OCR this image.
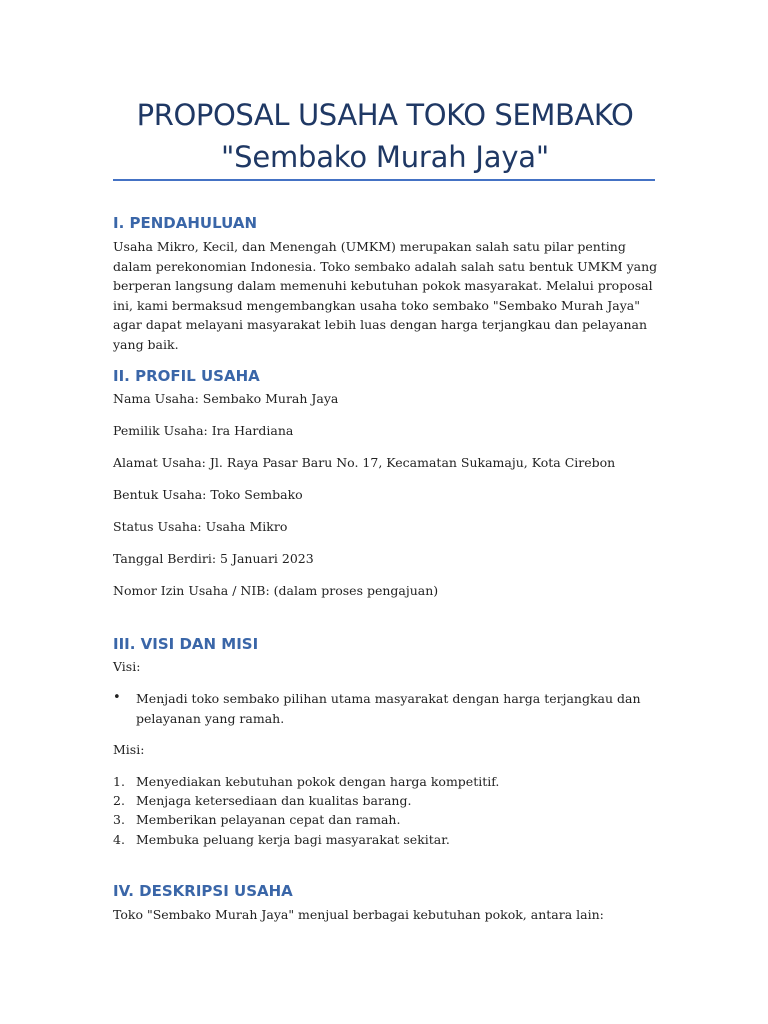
PROPOSAL USAHA TOKO SEMBAKO
"Sembako Murah Jaya"
I. PENDAHULUAN

Usaha Mikro, Kecil, dan Menengah (UMKM) merupakan salah satu pilar penting dalam perekonomian Indonesia. Toko sembako adalah salah satu bentuk UMKM yang berperan langsung dalam memenuhi kebutuhan pokok masyarakat. Melalui proposal ini, kami bermaksud mengembangkan usaha toko sembako "Sembako Murah Jaya" agar dapat melayani masyarakat lebih luas dengan harga terjangkau dan pelayanan yang baik.

II. PROFIL USAHA
Nama Usaha: Sembako Murah Jaya
Pemilik Usaha: Ira Hardiana
Alamat Usaha: Jl. Raya Pasar Baru No. 17, Kecamatan Sukamaju, Kota Cirebon
Bentuk Usaha: Toko Sembako
Status Usaha: Usaha Mikro
Tanggal Berdiri: 5 Januari 2023
Nomor Izin Usaha / NIB: (dalam proses pengajuan)
III. VISI DAN MISI
Visi:
• Menjadi toko sembako pilihan utama masyarakat dengan harga terjangkau dan pelayanan yang ramah.

Misi:
1. Menyediakan kebutuhan pokok dengan harga kompetitif.
2. Menjaga ketersediaan dan kualitas barang.
3. Memberikan pelayanan cepat dan ramah.
4. Membuka peluang kerja bagi masyarakat sekitar.
IV. DESKRIPSI USAHA
Toko "Sembako Murah Jaya" menjual berbagai kebutuhan pokok, antara lain:
